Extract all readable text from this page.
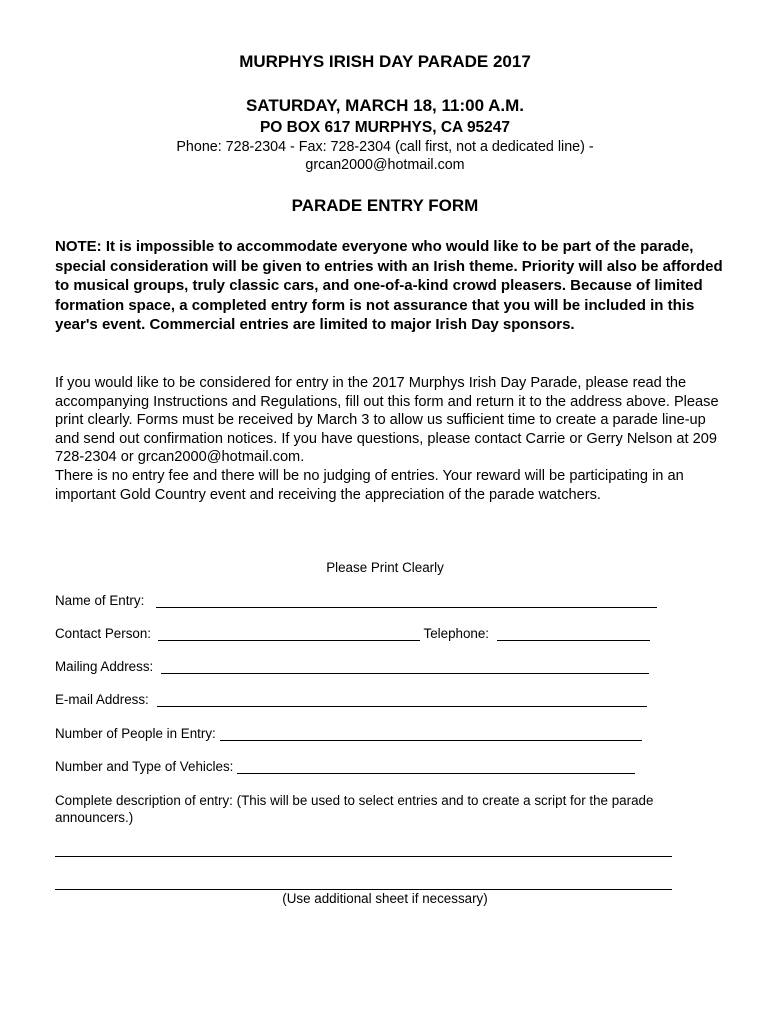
MURPHYS IRISH DAY PARADE 2017
SATURDAY, MARCH 18, 11:00 A.M.
PO BOX 617 MURPHYS, CA 95247
Phone: 728-2304 - Fax: 728-2304 (call first, not a dedicated line) -
grcan2000@hotmail.com
PARADE ENTRY FORM
NOTE: It is impossible to accommodate everyone who would like to be part of the parade, special consideration will be given to entries with an Irish theme. Priority will also be afforded to musical groups, truly classic cars, and one-of-a-kind crowd pleasers. Because of limited formation space, a completed entry form is not assurance that you will be included in this year's event. Commercial entries are limited to major Irish Day sponsors.
If you would like to be considered for entry in the 2017 Murphys Irish Day Parade, please read the accompanying Instructions and Regulations, fill out this form and return it to the address above. Please print clearly. Forms must be received by March 3 to allow us sufficient time to create a parade line-up and send out confirmation notices. If you have questions, please contact Carrie or Gerry Nelson at 209 728-2304 or grcan2000@hotmail.com.
There is no entry fee and there will be no judging of entries. Your reward will be participating in an important Gold Country event and receiving the appreciation of the parade watchers.
Please Print Clearly
Name of Entry:
Contact Person:	Telephone:
Mailing Address:
E-mail Address:
Number of People in Entry:
Number and Type of Vehicles:
Complete description of entry: (This will be used to select entries and to create a script for the parade announcers.)
(Use additional sheet if necessary)
